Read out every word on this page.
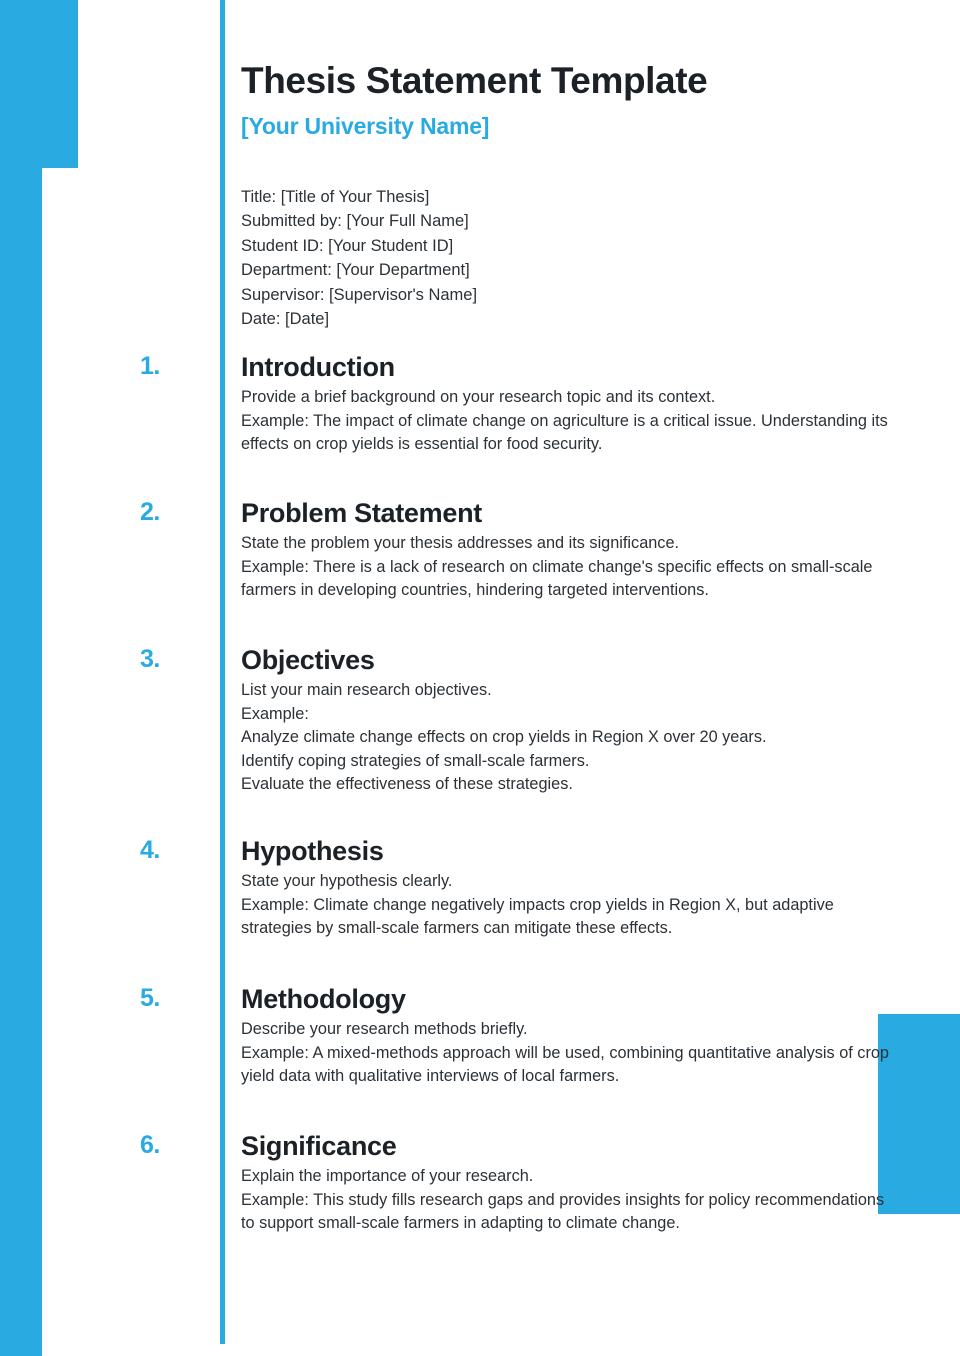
Thesis Statement Template
[Your University Name]
Title: [Title of Your Thesis]
Submitted by: [Your Full Name]
Student ID: [Your Student ID]
Department: [Your Department]
Supervisor: [Supervisor's Name]
Date: [Date]
1.	Introduction

Provide a brief background on your research topic and its context.

Example: The impact of climate change on agriculture is a critical issue. Understanding its effects on crop yields is essential for food security.

2.	Problem Statement

State the problem your thesis addresses and its significance.

Example: There is a lack of research on climate change's specific effects on small-scale farmers in developing countries, hindering targeted interventions.

3.	Objectives

List your main research objectives.

Example:

Analyze climate change effects on crop yields in Region X over 20 years.

Identify coping strategies of small-scale farmers.

Evaluate the effectiveness of these strategies.

4.	Hypothesis

State your hypothesis clearly.

Example: Climate change negatively impacts crop yields in Region X, but adaptive strategies by small-scale farmers can mitigate these effects.

5.	Methodology

Describe your research methods briefly.

Example: A mixed-methods approach will be used, combining quantitative analysis of crop yield data with qualitative interviews of local farmers.

6.	Significance

Explain the importance of your research.

Example: This study fills research gaps and provides insights for policy recommendations to support small-scale farmers in adapting to climate change.
